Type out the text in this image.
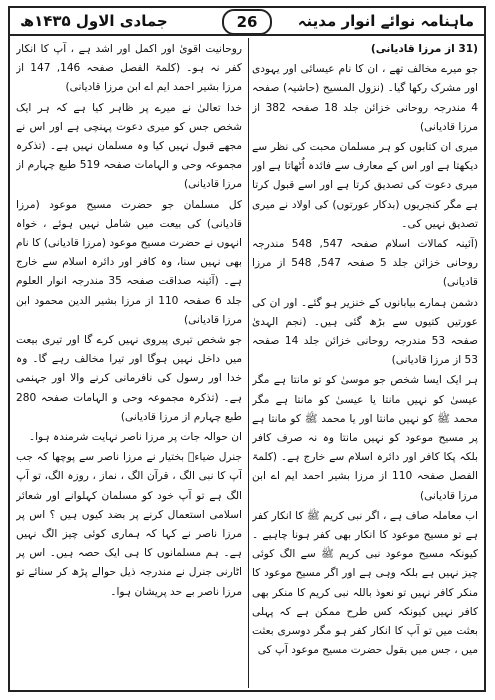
ماہنامہ نوائے انوار مدینہ
26
جمادی الاول ۱۴۳۵ھ

(31 از مرزا قادیانی)

جو میرے مخالف تھے ، ان کا نام عیسائی اور یہودی اور مشرک رکھا گیا۔ (نزول المسیح (حاشیہ) صفحہ 4 مندرجہ روحانی خزائن جلد 18 صفحہ 382 از مرزا قادیانی)

میری ان کتابوں کو ہر مسلمان محبت کی نظر سے دیکھتا ہے اور اس کے معارف سے فائدہ اُٹھاتا ہے اور میری دعوت کی تصدیق کرتا ہے اور اسے قبول کرتا ہے مگر کنجریوں (بدکار عورتوں) کی اولاد نے میری تصدیق نہیں کی۔

(آئینہ کمالات اسلام صفحہ 547, 548 مندرجہ روحانی خزائن جلد 5 صفحہ 547, 548 از مرزا قادیانی)

دشمن ہمارے بیابانوں کے خنزیر ہو گئے۔ اور ان کی عورتیں کتیوں سے بڑھ گئی ہیں۔ (نجم الہدیٰ صفحہ 53 مندرجہ روحانی خزائن جلد 14 صفحہ 53 از مرزا قادیانی)

ہر ایک ایسا شخص جو موسیٰ کو تو مانتا ہے مگر عیسیٰ کو نہیں مانتا یا عیسیٰ کو مانتا ہے مگر محمد ﷺ کو نہیں مانتا اور یا محمد ﷺ کو مانتا ہے پر مسیح موعود کو نہیں مانتا وہ نہ صرف کافر بلکہ پکا کافر اور دائرہ اسلام سے خارج ہے۔ (کلمۃ الفصل صفحہ 110 از مرزا بشیر احمد ایم اے ابن مرزا قادیانی)

اب معاملہ صاف ہے ، اگر نبی کریم ﷺ کا انکار کفر ہے تو مسیح موعود کا انکار بھی کفر ہونا چاہیے ۔ کیونکہ مسیح موعود نبی کریم ﷺ سے الگ کوئی چیز نہیں ہے بلکہ وہی ہے اور اگر مسیح موعود کا منکر کافر نہیں تو نعوذ باللہ نبی کریم کا منکر بھی کافر نہیں کیونکہ کس طرح ممکن ہے کہ پہلی بعثت میں تو آپ کا انکار کفر ہو مگر دوسری بعثت میں ، جس میں بقول حضرت مسیح موعود آپ کی

روحانیت اقویٰ اور اکمل اور اشد ہے ، آپ کا انکار کفر نہ ہو۔ (کلمۃ الفصل صفحہ 146, 147 از مرزا بشیر احمد ایم اے ابن مرزا قادیانی)

خدا تعالیٰ نے میرے پر ظاہر کیا ہے کہ ہر ایک شخص جس کو میری دعوت پہنچی ہے اور اس نے مجھے قبول نہیں کیا وہ مسلمان نہیں ہے۔ (تذکرہ مجموعہ وحی و الہامات صفحہ 519 طبع چہارم از مرزا قادیانی)

کل مسلمان جو حضرت مسیح موعود (مرزا قادیانی) کی بیعت میں شامل نہیں ہوئے ، خواہ انہوں نے حضرت مسیح موعود (مرزا قادیانی) کا نام بھی نہیں سنا، وہ کافر اور دائرہ اسلام سے خارج ہے۔ (آئینہ صداقت صفحہ 35 مندرجہ انوار العلوم جلد 6 صفحہ 110 از مرزا بشیر الدین محمود ابن مرزا قادیانی)

جو شخص تیری پیروی نہیں کرے گا اور تیری بیعت میں داخل نہیں ہوگا اور تیرا مخالف رہے گا۔ وہ خدا اور رسول کی نافرمانی کرنے والا اور جہنمی ہے۔ (تذکرہ مجموعہ وحی و الہامات صفحہ 280 طبع چہارم از مرزا قادیانی)

ان حوالہ جات پر مرزا ناصر نہایت شرمندہ ہوا۔

جنرل ضیاءؒ بختیار نے مرزا ناصر سے پوچھا کہ جب آپ کا نبی الگ ، قرآن الگ ، نماز ، روزہ الگ، تو آپ الگ ہے تو آپ خود کو مسلمان کہلوانے اور شعائر اسلامی استعمال کرنے پر بضد کیوں ہیں ؟ اس پر مرزا ناصر نے کہا کہ ہماری کوئی چیز الگ نہیں ہے۔ ہم مسلمانوں کا ہی ایک حصہ ہیں۔ اس پر اٹارنی جنرل نے مندرجہ ذیل حوالے پڑھ کر سنائے تو مرزا ناصر بے حد پریشان ہوا۔
